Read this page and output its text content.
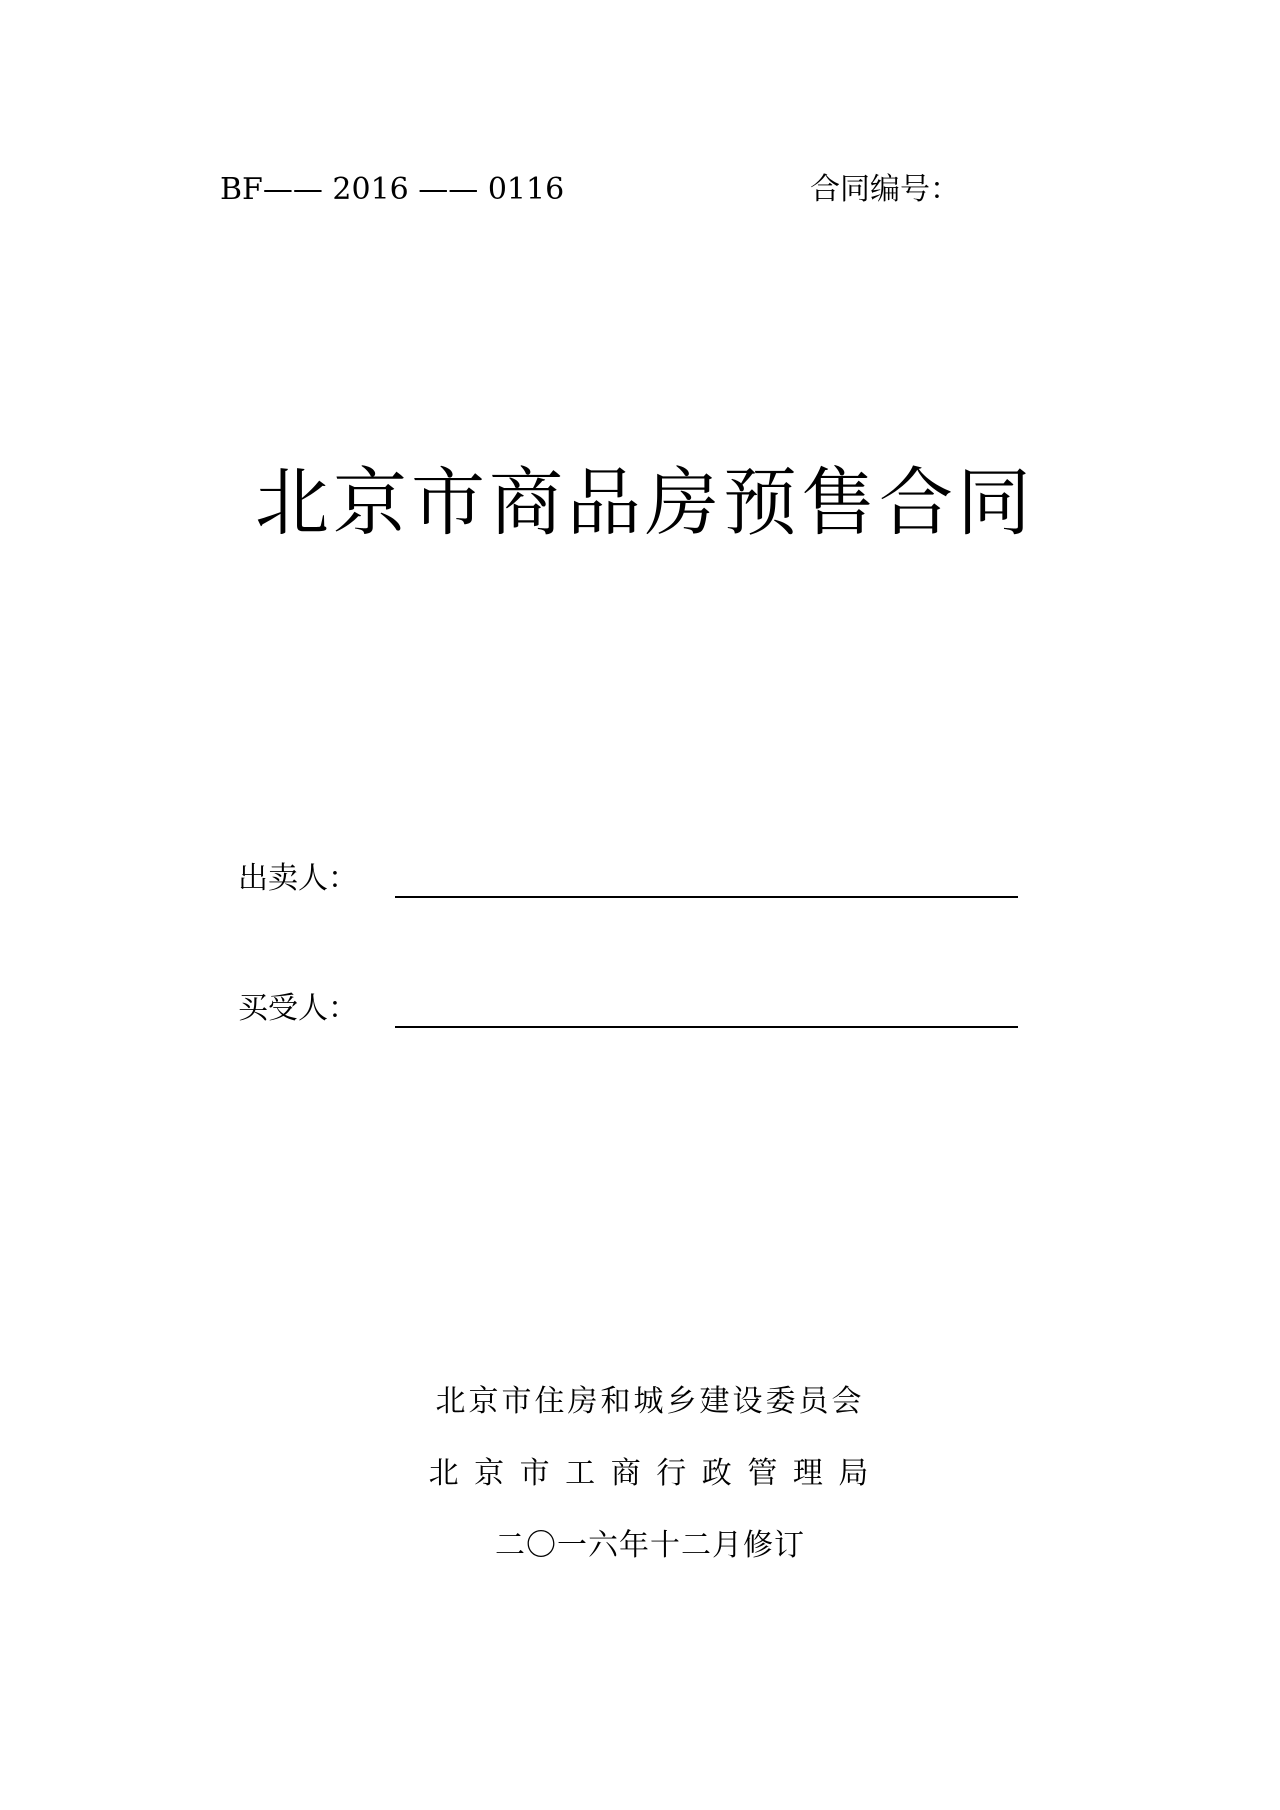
BF—— 2016 —— 0116	合同编号：
北京市商品房预售合同
出卖人：
买受人：
北京市住房和城乡建设委员会
北 京 市 工 商 行 政 管 理 局
二〇一六年十二月修订
